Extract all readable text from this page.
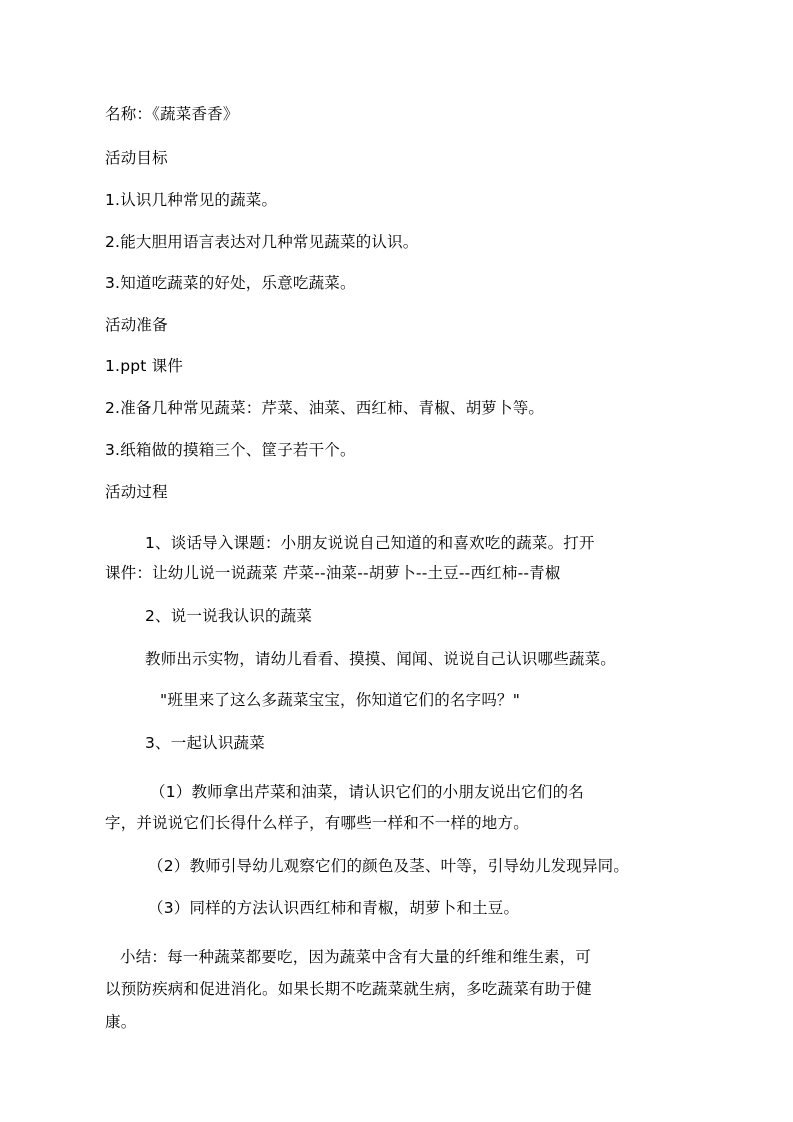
名称：《蔬菜香香》
活动目标
1.认识几种常见的蔬菜。
2.能大胆用语言表达对几种常见蔬菜的认识。
3.知道吃蔬菜的好处，乐意吃蔬菜。
活动准备
1.ppt 课件
2.准备几种常见蔬菜：芹菜、油菜、西红柿、青椒、胡萝卜等。
3.纸箱做的摸箱三个、筐子若干个。
活动过程
1、谈话导入课题：小朋友说说自己知道的和喜欢吃的蔬菜。打开
课件：让幼儿说一说蔬菜 芹菜--油菜--胡萝卜--土豆--西红柿--青椒
2、说一说我认识的蔬菜
教师出示实物，请幼儿看看、摸摸、闻闻、说说自己认识哪些蔬菜。
"班里来了这么多蔬菜宝宝，你知道它们的名字吗？"
3、一起认识蔬菜
（1）教师拿出芹菜和油菜，请认识它们的小朋友说出它们的名
字，并说说它们长得什么样子，有哪些一样和不一样的地方。
（2）教师引导幼儿观察它们的颜色及茎、叶等，引导幼儿发现异同。
（3）同样的方法认识西红柿和青椒，胡萝卜和土豆。
小结：每一种蔬菜都要吃，因为蔬菜中含有大量的纤维和维生素，可
以预防疾病和促进消化。如果长期不吃蔬菜就生病，多吃蔬菜有助于健
康。
